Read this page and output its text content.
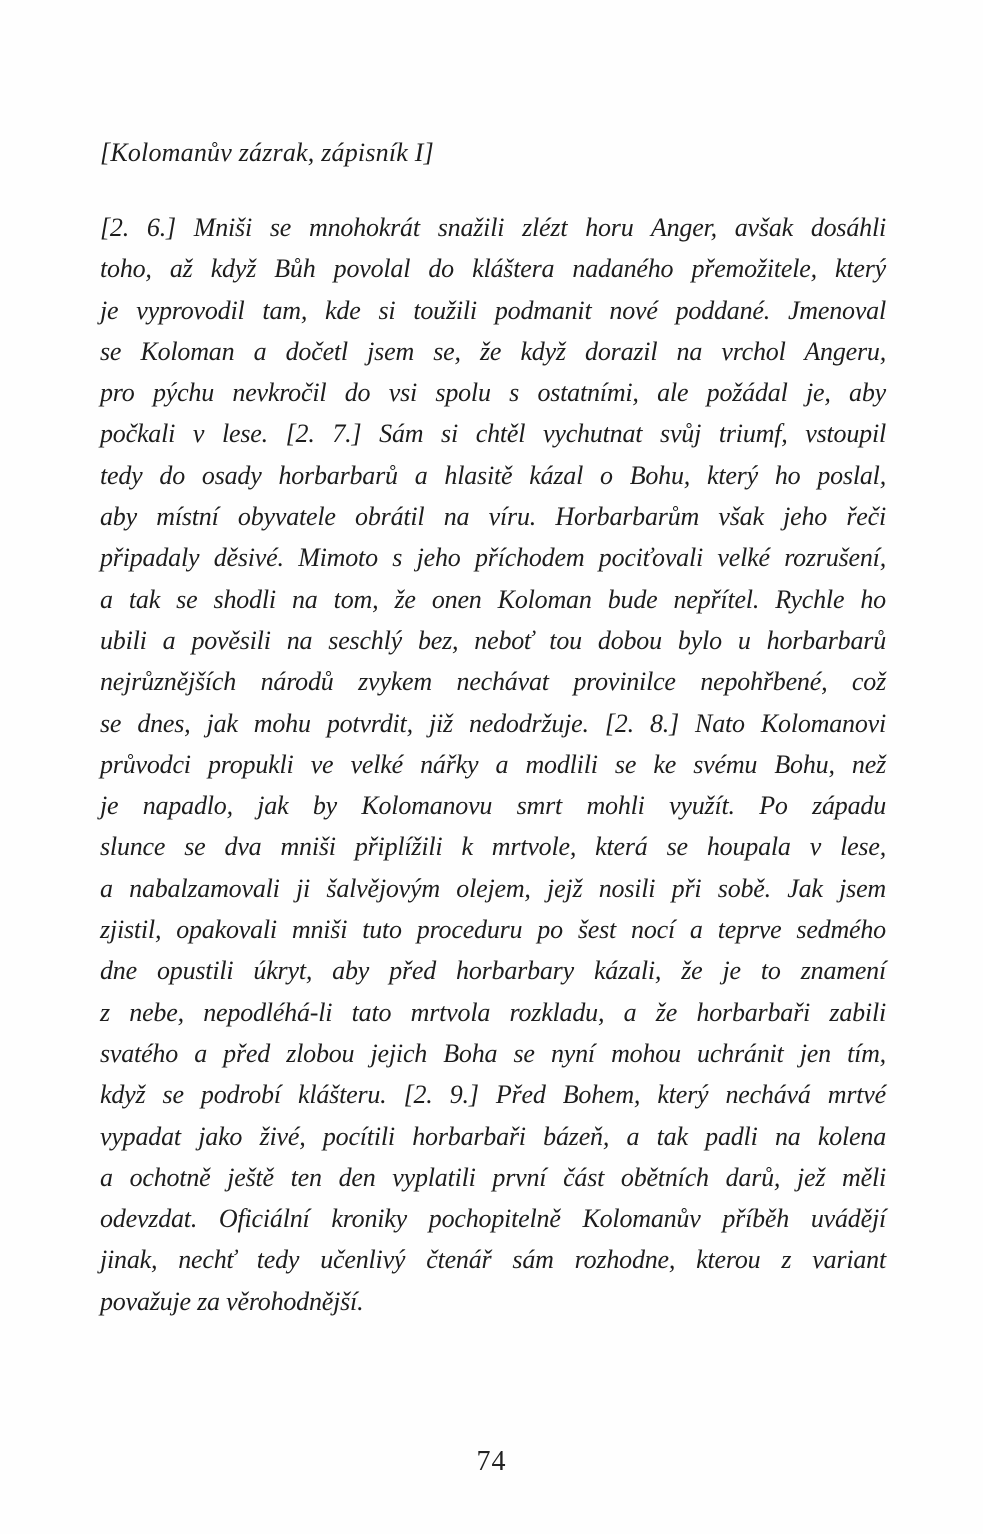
[Kolomanův zázrak, zápisník I]
[2. 6.] Mniši se mnohokrát snažili zlézt horu Anger, avšak dosáhli
toho, až když Bůh povolal do kláštera nadaného přemožitele, který
je vyprovodil tam, kde si toužili podmanit nové poddané. Jmenoval
se Koloman a dočetl jsem se, že když dorazil na vrchol Angeru,
pro pýchu nevkročil do vsi spolu s ostatními, ale požádal je, aby
počkali v lese. [2. 7.] Sám si chtěl vychutnat svůj triumf, vstoupil
tedy do osady horbarbarů a hlasitě kázal o Bohu, který ho poslal,
aby místní obyvatele obrátil na víru. Horbarbarům však jeho řeči
připadaly děsivé. Mimoto s jeho příchodem pociťovali velké rozrušení,
a tak se shodli na tom, že onen Koloman bude nepřítel. Rychle ho
ubili a pověsili na seschlý bez, neboť tou dobou bylo u horbarbarů
nejrůznějších národů zvykem nechávat provinilce nepohřbené, což
se dnes, jak mohu potvrdit, již nedodržuje. [2. 8.] Nato Kolomanovi
průvodci propukli ve velké nářky a modlili se ke svému Bohu, než
je napadlo, jak by Kolomanovu smrt mohli využít. Po západu
slunce se dva mniši připlížili k mrtvole, která se houpala v lese,
a nabalzamovali ji šalvějovým olejem, jejž nosili při sobě. Jak jsem
zjistil, opakovali mniši tuto proceduru po šest nocí a teprve sedmého
dne opustili úkryt, aby před horbarbary kázali, že je to znamení
z nebe, nepodléhá-li tato mrtvola rozkladu, a že horbarbaři zabili
svatého a před zlobou jejich Boha se nyní mohou uchránit jen tím,
když se podrobí klášteru. [2. 9.] Před Bohem, který nechává mrtvé
vypadat jako živé, pocítili horbarbaři bázeň, a tak padli na kolena
a ochotně ještě ten den vyplatili první část obětních darů, jež měli
odevzdat. Oficiální kroniky pochopitelně Kolomanův příběh uvádějí
jinak, nechť tedy učenlivý čtenář sám rozhodne, kterou z variant
považuje za věrohodnější.
74
